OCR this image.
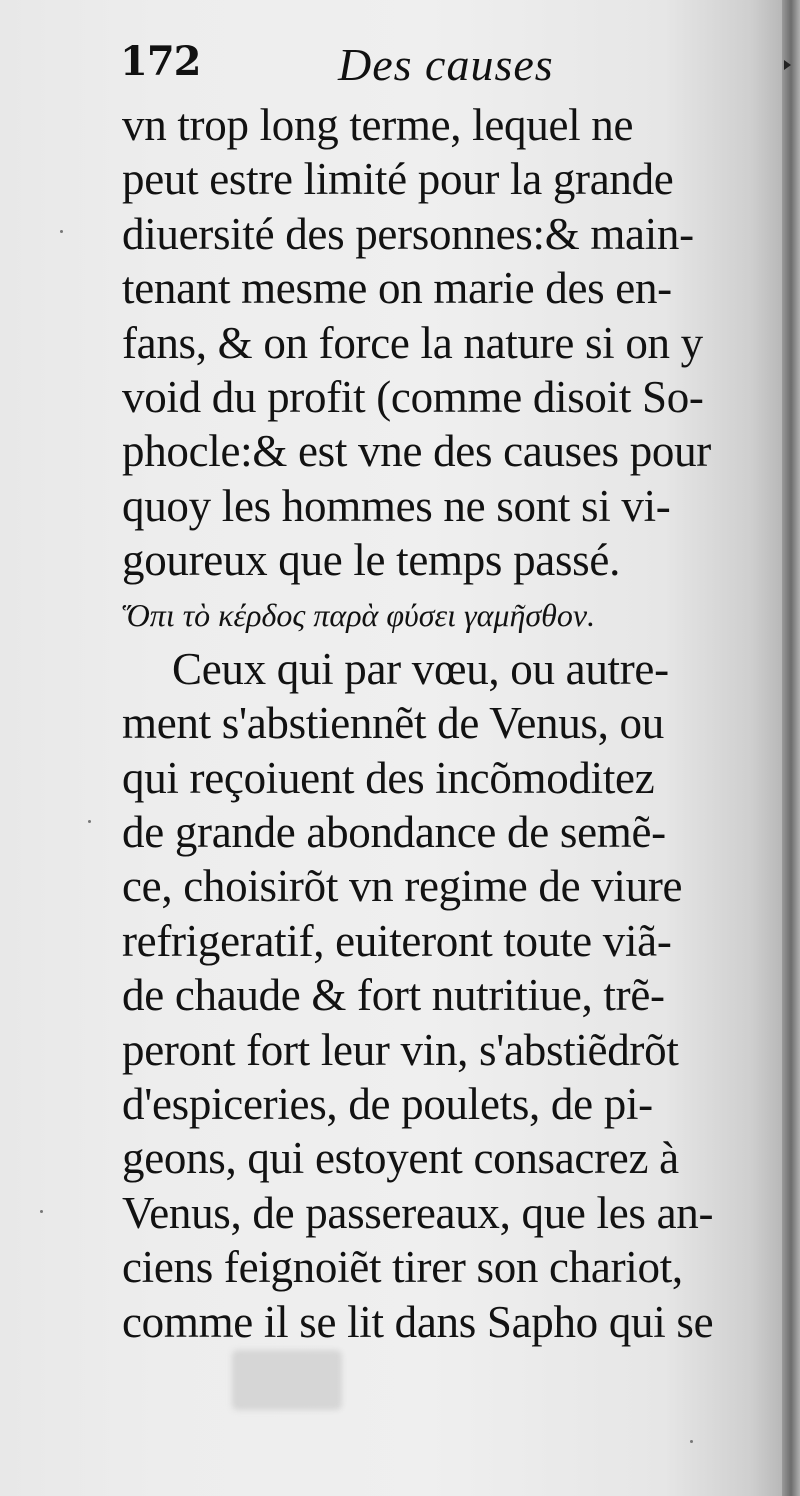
172	Des causes
vn trop long terme, lequel ne
peut estre limité pour la grande
diuersité des personnes:& main-
tenant mesme on marie des en-
fans, & on force la nature si on y
void du profit (comme disoit So-
phocle:& est vne des causes pour
quoy les hommes ne sont si vi-
goureux que le temps passé.
Ὅπι τὸ κέρδος παρὰ φύσει γαμῆσθον.
Ceux qui par vœu, ou autre-
ment s'abstiennẽt de Venus, ou
qui reçoiuent des incõmoditez
de grande abondance de semẽ-
ce, choisirõt vn regime de viure
refrigeratif, euiteront toute viã-
de chaude & fort nutritiue, trẽ-
peront fort leur vin, s'abstiẽdrõt
d'espiceries, de poulets, de pi-
geons, qui estoyent consacrez à
Venus, de passereaux, que les an-
ciens feignoiẽt tirer son chariot,
comme il se lit dans Sapho qui se
